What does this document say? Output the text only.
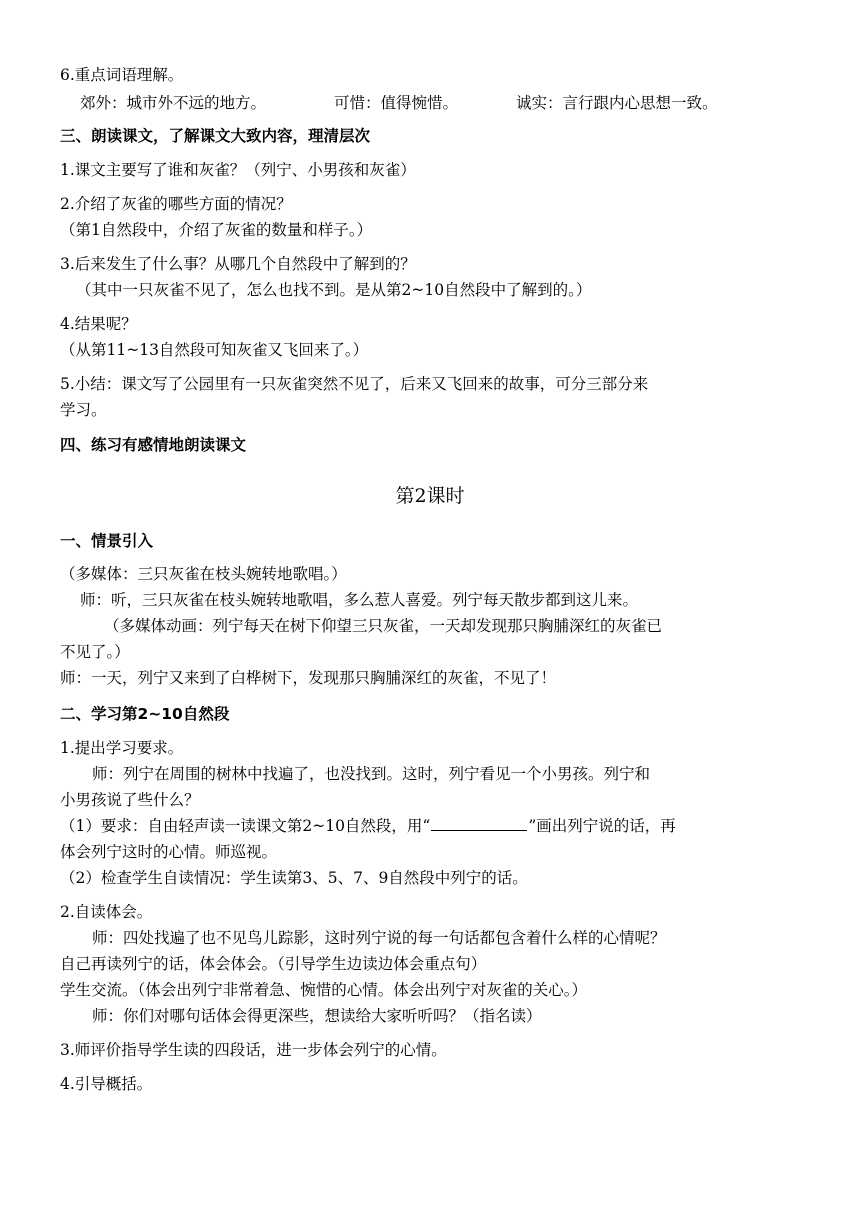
6.重点词语理解。
郊外：城市外不远的地方。	可惜：值得惋惜。	诚实：言行跟内心思想一致。
三、朗读课文，了解课文大致内容，理清层次
1.课文主要写了谁和灰雀？（列宁、小男孩和灰雀）
2.介绍了灰雀的哪些方面的情况？
（第1自然段中，介绍了灰雀的数量和样子。）
3.后来发生了什么事？从哪几个自然段中了解到的？
（其中一只灰雀不见了，怎么也找不到。是从第2~10自然段中了解到的。）
4.结果呢？
（从第11~13自然段可知灰雀又飞回来了。）
5.小结：课文写了公园里有一只灰雀突然不见了，后来又飞回来的故事，可分三部分来
学习。
四、练习有感情地朗读课文
第2课时
一、情景引入
（多媒体：三只灰雀在枝头婉转地歌唱。）
师：听，三只灰雀在枝头婉转地歌唱，多么惹人喜爱。列宁每天散步都到这儿来。
（多媒体动画：列宁每天在树下仰望三只灰雀，一天却发现那只胸脯深红的灰雀已
不见了。）
师：一天，列宁又来到了白桦树下，发现那只胸脯深红的灰雀，不见了！
二、学习第2~10自然段
1.提出学习要求。
师：列宁在周围的树林中找遍了，也没找到。这时，列宁看见一个小男孩。列宁和
小男孩说了些什么？
（1）要求：自由轻声读一读课文第2~10自然段，用“	”画出列宁说的话，再
体会列宁这时的心情。师巡视。
（2）检查学生自读情况：学生读第3、5、7、9自然段中列宁的话。
2.自读体会。
师：四处找遍了也不见鸟儿踪影，这时列宁说的每一句话都包含着什么样的心情呢？
自己再读列宁的话，体会体会。（引导学生边读边体会重点句）
学生交流。（体会出列宁非常着急、惋惜的心情。体会出列宁对灰雀的关心。）
师：你们对哪句话体会得更深些，想读给大家听听吗？（指名读）
3.师评价指导学生读的四段话，进一步体会列宁的心情。
4.引导概括。
